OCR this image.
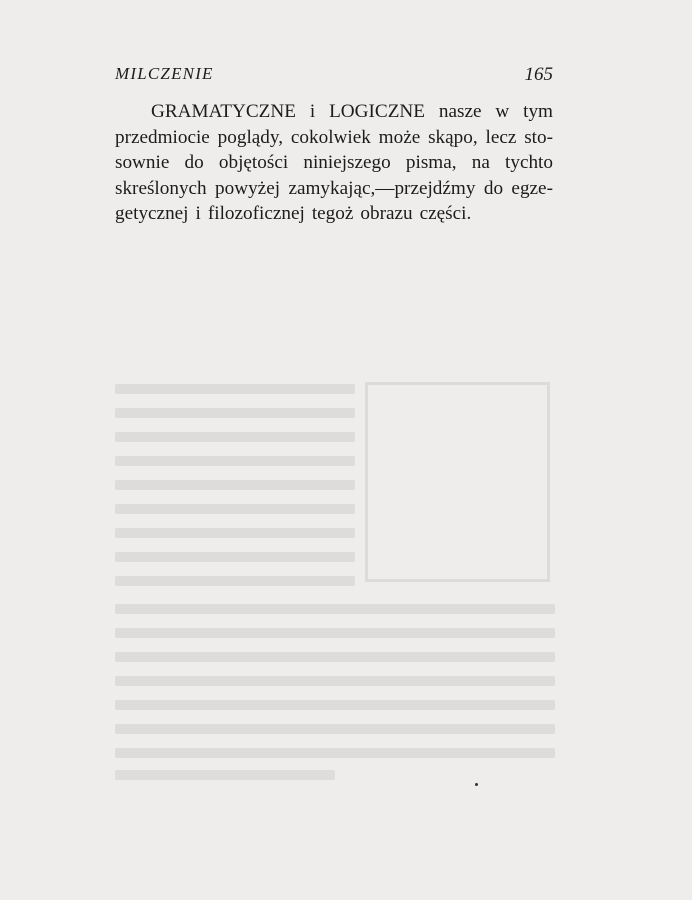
MILCZENIE	165
GRAMATYCZNE i LOGICZNE nasze w tym
przedmiocie poglądy, cokolwiek może skąpo, lecz sto-
sownie do objętości niniejszego pisma, na tychto
skreślonych powyżej zamykając,—przejdźmy do egze-
getycznej i filozoficznej tegoż obrazu części.
